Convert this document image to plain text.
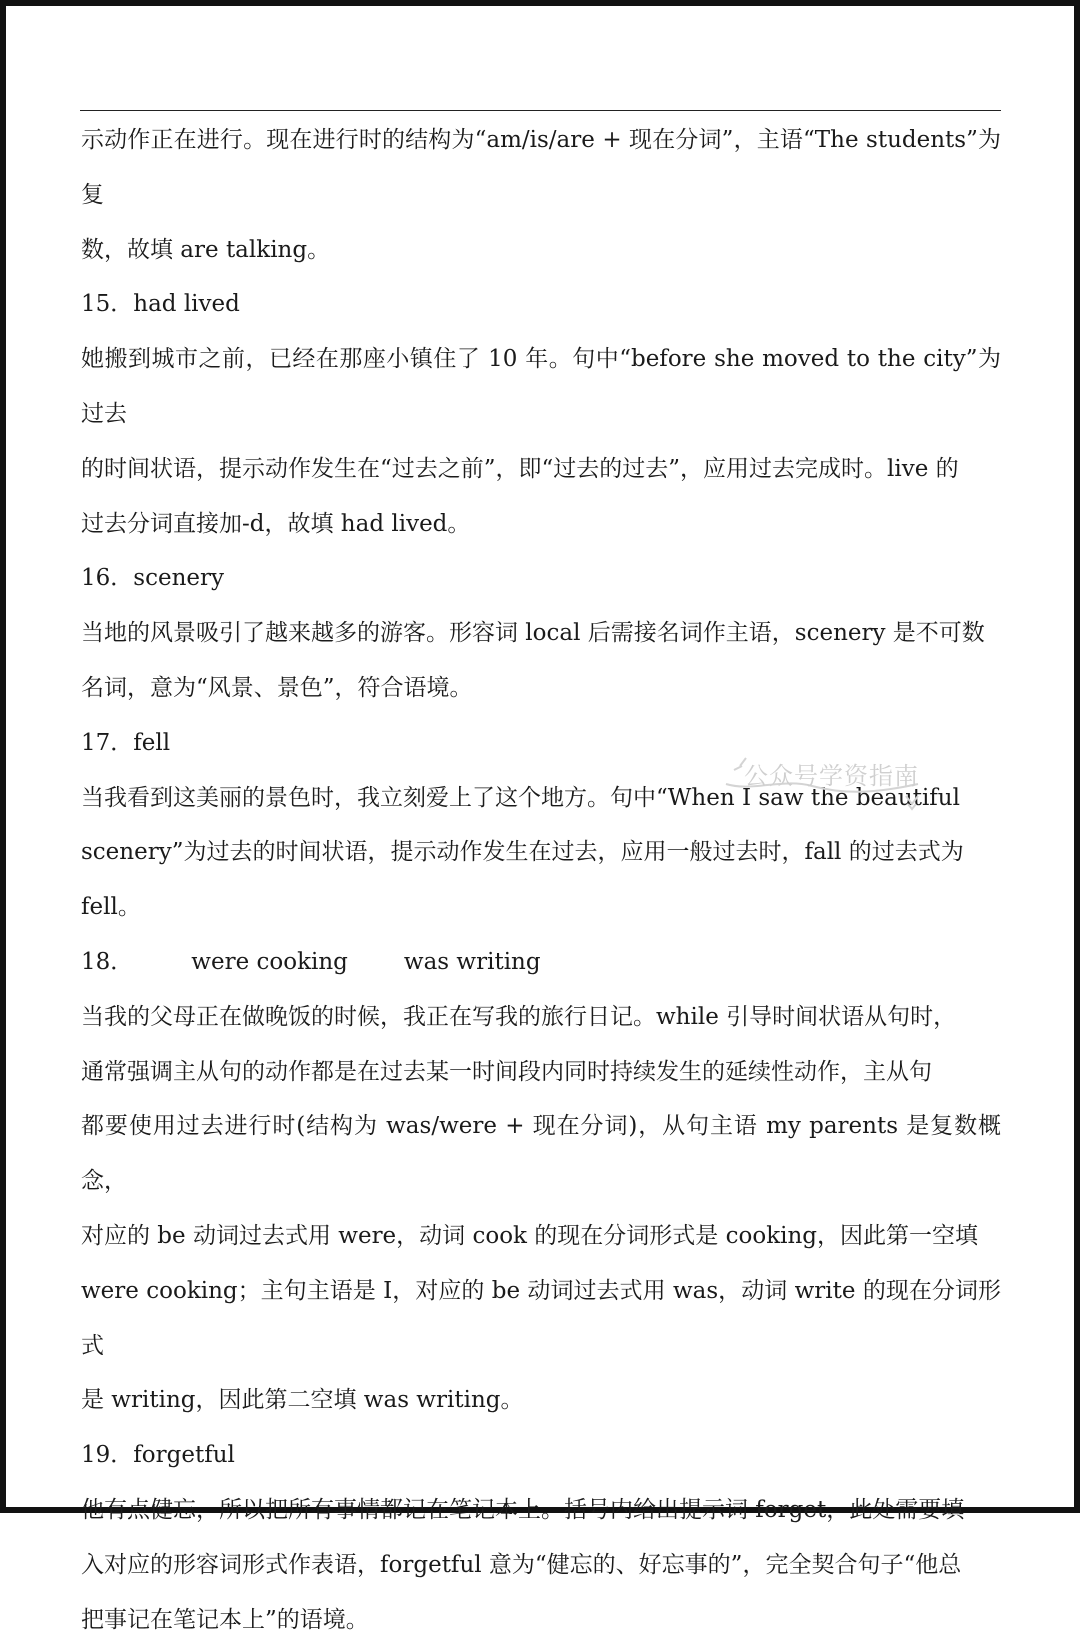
示动作正在进行。现在进行时的结构为“am/is/are + 现在分词”，主语“The students”为复

数，故填 are talking。

15．had lived

她搬到城市之前，已经在那座小镇住了 10 年。句中“before she moved to the city”为过去

的时间状语，提示动作发生在“过去之前”，即“过去的过去”，应用过去完成时。live 的

过去分词直接加-d，故填 had lived。

16．scenery

当地的风景吸引了越来越多的游客。形容词 local 后需接名词作主语，scenery 是不可数

名词，意为“风景、景色”，符合语境。

17．fell

当我看到这美丽的景色时，我立刻爱上了这个地方。句中“When I saw the beautiful

scenery”为过去的时间状语，提示动作发生在过去，应用一般过去时，fall 的过去式为

fell。

18．	were cooking was writing

当我的父母正在做晚饭的时候，我正在写我的旅行日记。while 引导时间状语从句时，

通常强调主从句的动作都是在过去某一时间段内同时持续发生的延续性动作，主从句

都要使用过去进行时(结构为 was/were + 现在分词)，从句主语 my parents 是复数概念，

对应的 be 动词过去式用 were，动词 cook 的现在分词形式是 cooking，因此第一空填

were cooking；主句主语是 I，对应的 be 动词过去式用 was，动词 write 的现在分词形式

是 writing，因此第二空填 was writing。

19．forgetful

他有点健忘，所以把所有事情都记在笔记本上。括号内给出提示词 forget，此处需要填

入对应的形容词形式作表语，forgetful 意为“健忘的、好忘事的”，完全契合句子“他总

把事记在笔记本上”的语境。

公众号学资指南
